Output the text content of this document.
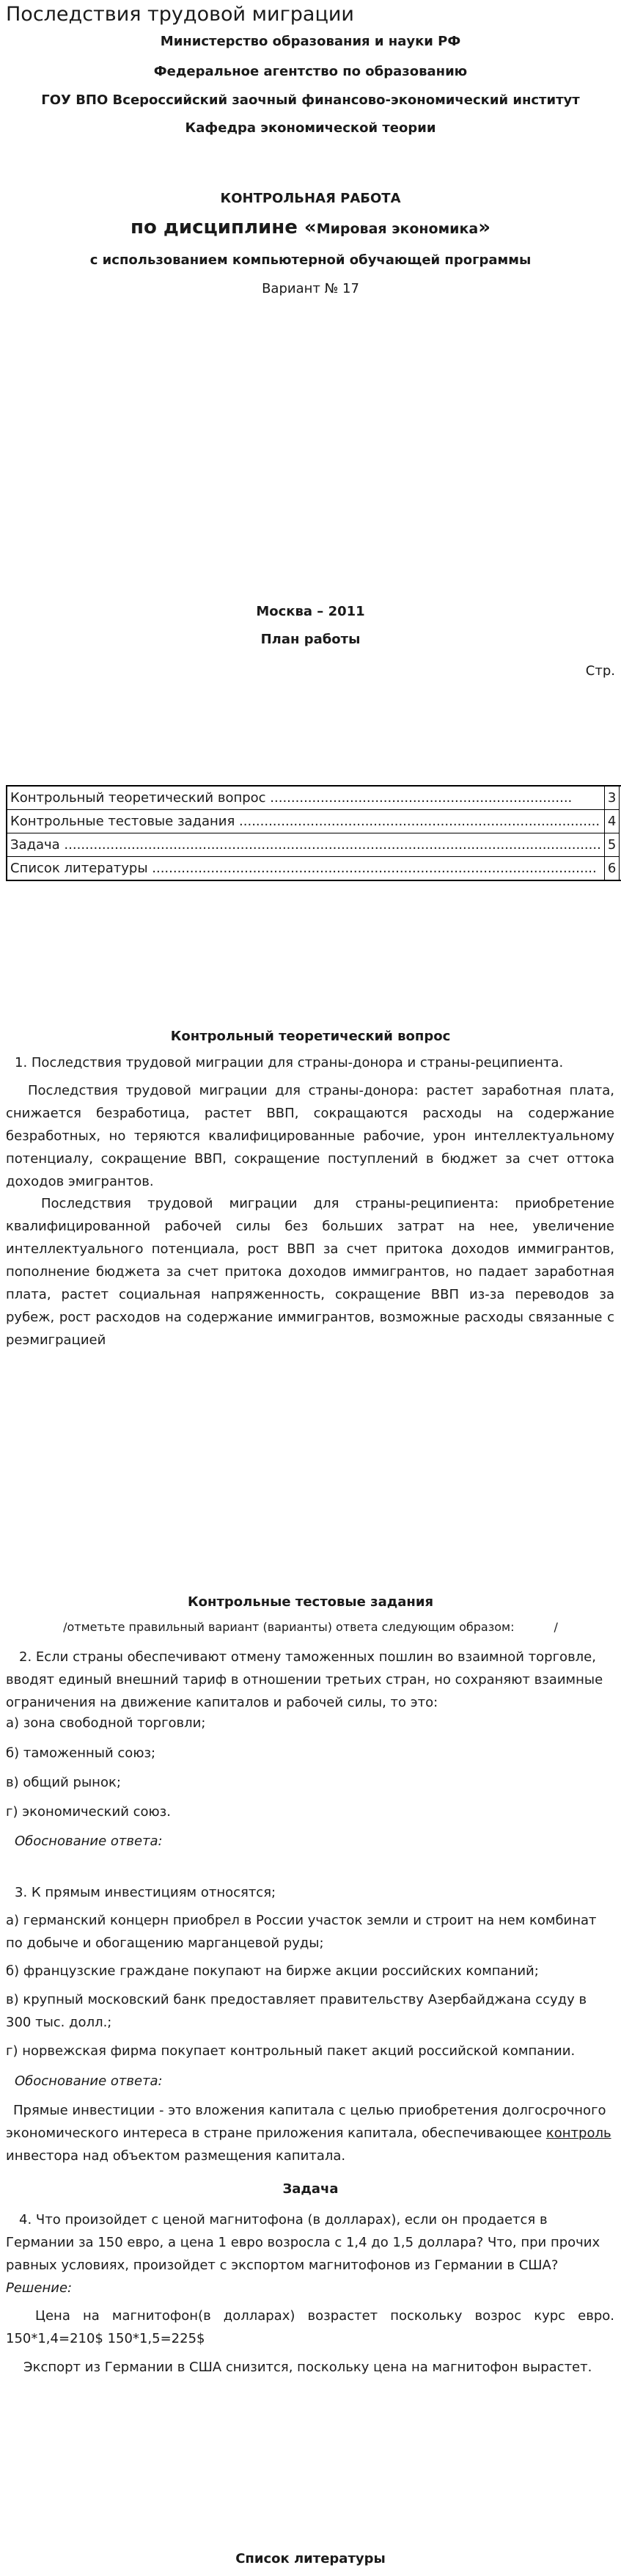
Последствия трудовой миграции
Министерство образования и науки РФ
Федеральное агентство по образованию
ГОУ ВПО Всероссийский заочный финансово-экономический институт
Кафедра экономической теории
КОНТРОЛЬНАЯ РАБОТА
по дисциплине «Мировая экономика»
с использованием компьютерной обучающей программы
Вариант № 17
Москва – 2011
План работы
Стр.
Контрольный теоретический вопрос ........................................................................	3	
Контрольные тестовые задания ......................................................................................	4	
Задача ................................................................................................................................	5	
Список литературы ..........................................................................................................	6	
Контрольный теоретический вопрос
1. Последствия трудовой миграции для страны-донора и страны-реципиента.
Последствия трудовой миграции для страны-донора: растет заработная плата, снижается безработица, растет ВВП, сокращаются расходы на содержание безработных, но теряются квалифицированные рабочие, урон интеллектуальному потенциалу, сокращение ВВП, сокращение поступлений в бюджет за счет оттока доходов эмигрантов.
Последствия трудовой миграции для страны-реципиента: приобретение квалифицированной рабочей силы без больших затрат на нее, увеличение интеллектуального потенциала, рост ВВП за счет притока доходов иммигрантов, пополнение бюджета за счет притока доходов иммигрантов, но падает заработная плата, растет социальная напряженность, сокращение ВВП из-за переводов за рубеж, рост расходов на содержание иммигрантов, возможные расходы связанные с реэмиграцией
Контрольные тестовые задания
/отметьте правильный вариант (варианты) ответа следующим образом:	/
2. Если страны обеспечивают отмену таможенных пошлин во взаимной торговле, вводят единый внешний тариф в отношении третьих стран, но сохраняют взаимные ограничения на движение капиталов и рабочей силы, то это:
а) зона свободной торговли;
б) таможенный союз;
в) общий рынок;
г) экономический союз.
Обоснование ответа:
3. К прямым инвестициям относятся;
а) германский концерн приобрел в России участок земли и строит на нем комбинат по добыче и обогащению марганцевой руды;
б) французские граждане покупают на бирже акции российских компаний;
в) крупный московский банк предоставляет правительству Азербайджана ссуду в 300 тыс. долл.;
г) норвежская фирма покупает контрольный пакет акций российской компании.
Обоснование ответа:
Прямые инвестиции - это вложения капитала с целью приобретения долгосрочного экономического интереса в стране приложения капитала, обеспечивающее контроль инвестора над объектом размещения капитала.
Задача
4. Что произойдет с ценой магнитофона (в долларах), если он продается в Германии за 150 евро, а цена 1 евро возросла с 1,4 до 1,5 доллара? Что, при прочих равных условиях, произойдет с экспортом магнитофонов из Германии в США?
Решение:
Цена на магнитофон(в долларах) возрастет поскольку возрос курс евро. 150*1,4=210$ 150*1,5=225$
Экспорт из Германии в США снизится, поскольку цена на магнитофон вырастет.
Список литературы
